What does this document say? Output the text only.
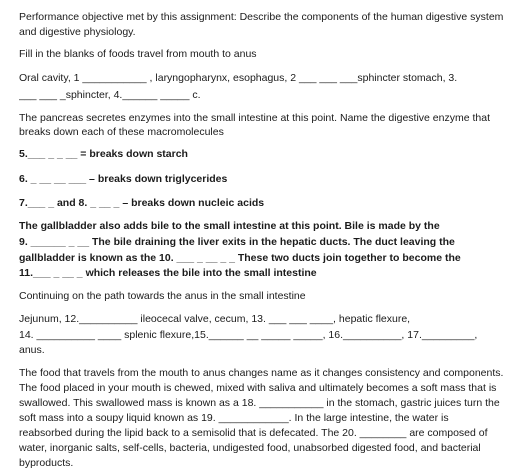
Performance objective met by this assignment: Describe the components of the human digestive system
and digestive physiology.
Fill in the blanks of foods travel from mouth to anus
Oral cavity, 1 ___________ , laryngopharynx, esophagus, 2 ___ ___ ___sphincter stomach, 3.
___ ___ _sphincter, 4.______ _____ c.
The pancreas secretes enzymes into the small intestine at this point. Name the digestive enzyme that
breaks down each of these macromolecules
5.___ _ _ __ = breaks down starch
6. _ __ __ ___ – breaks down triglycerides
7.___ _ and 8. _ __ _ – breaks down nucleic acids
The gallbladder also adds bile to the small intestine at this point. Bile is made by the
9. ______ _ __ The bile draining the liver exits in the hepatic ducts. The duct leaving the
gallbladder is known as the 10. ___ _ __ _ _ These two ducts join together to become the
11.___ _ __ _ which releases the bile into the small intestine
Continuing on the path towards the anus in the small intestine
Jejunum, 12.__________ ileocecal valve, cecum, 13. ___ ___ ____, hepatic flexure,
14. __________ ____ splenic flexure,15.______ __ _____ _____, 16.__________, 17._________,
anus.
The food that travels from the mouth to anus changes name as it changes consistency and components.
The food placed in your mouth is chewed, mixed with saliva and ultimately becomes a soft mass that is
swallowed. This swallowed mass is known as a 18. ___________ in the stomach, gastric juices turn the
soft mass into a soupy liquid known as 19. ____________. In the large intestine, the water is
reabsorbed during the lipid back to a semisolid that is defecated. The 20. ________ are composed of
water, inorganic salts, self-cells, bacteria, undigested food, unabsorbed digested food, and bacterial
byproducts.
